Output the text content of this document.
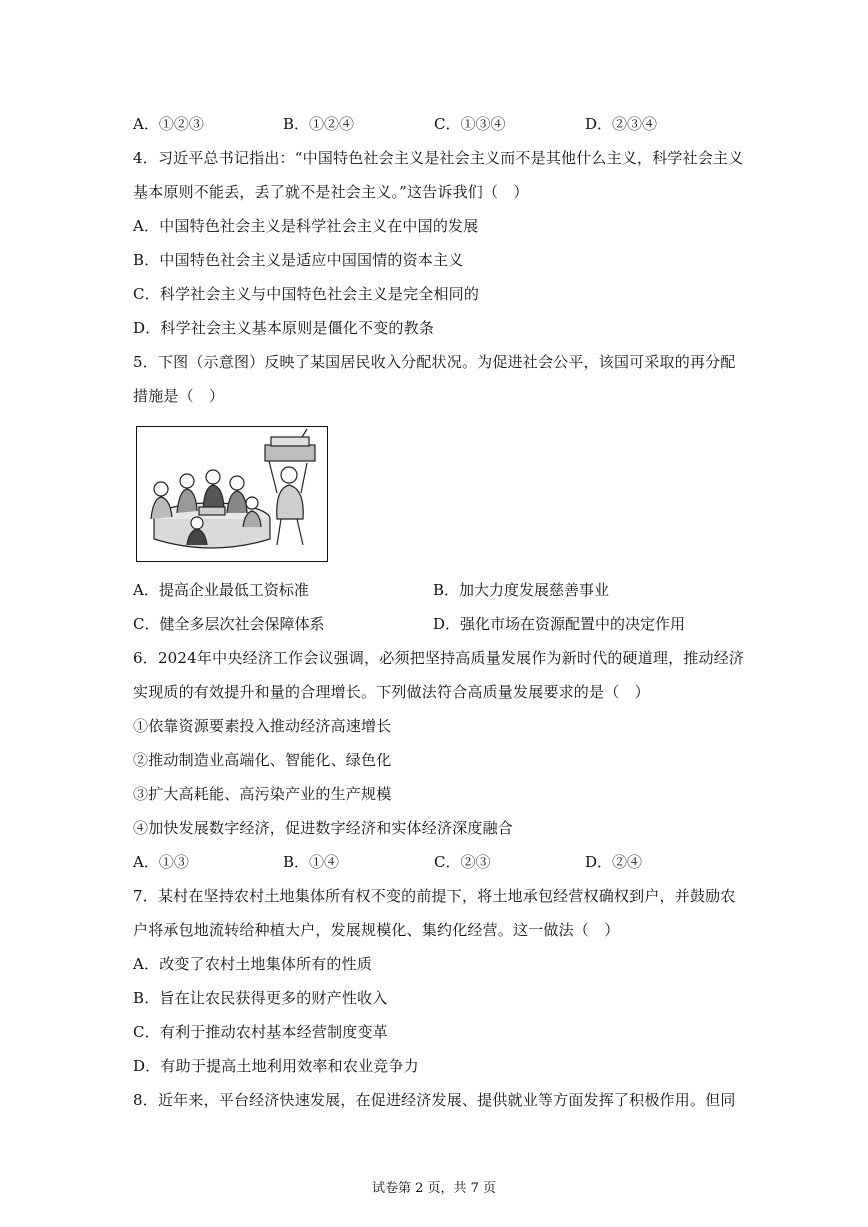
A．①②③	B．①②④	C．①③④	D．②③④
4．习近平总书记指出：“中国特色社会主义是社会主义而不是其他什么主义，科学社会主义
基本原则不能丢，丢了就不是社会主义。”这告诉我们（　）
A．中国特色社会主义是科学社会主义在中国的发展
B．中国特色社会主义是适应中国国情的资本主义
C．科学社会主义与中国特色社会主义是完全相同的
D．科学社会主义基本原则是僵化不变的教条
5．下图（示意图）反映了某国居民收入分配状况。为促进社会公平，该国可采取的再分配
措施是（　）
A．提高企业最低工资标准	B．加大力度发展慈善事业
C．健全多层次社会保障体系	D．强化市场在资源配置中的决定作用
6．2024年中央经济工作会议强调，必须把坚持高质量发展作为新时代的硬道理，推动经济
实现质的有效提升和量的合理增长。下列做法符合高质量发展要求的是（　）
①依靠资源要素投入推动经济高速增长
②推动制造业高端化、智能化、绿色化
③扩大高耗能、高污染产业的生产规模
④加快发展数字经济，促进数字经济和实体经济深度融合
A．①③	B．①④	C．②③	D．②④
7．某村在坚持农村土地集体所有权不变的前提下，将土地承包经营权确权到户，并鼓励农
户将承包地流转给种植大户，发展规模化、集约化经营。这一做法（　）
A．改变了农村土地集体所有的性质
B．旨在让农民获得更多的财产性收入
C．有利于推动农村基本经营制度变革
D．有助于提高土地利用效率和农业竞争力
8．近年来，平台经济快速发展，在促进经济发展、提供就业等方面发挥了积极作用。但同
试卷第 2 页，共 7 页
